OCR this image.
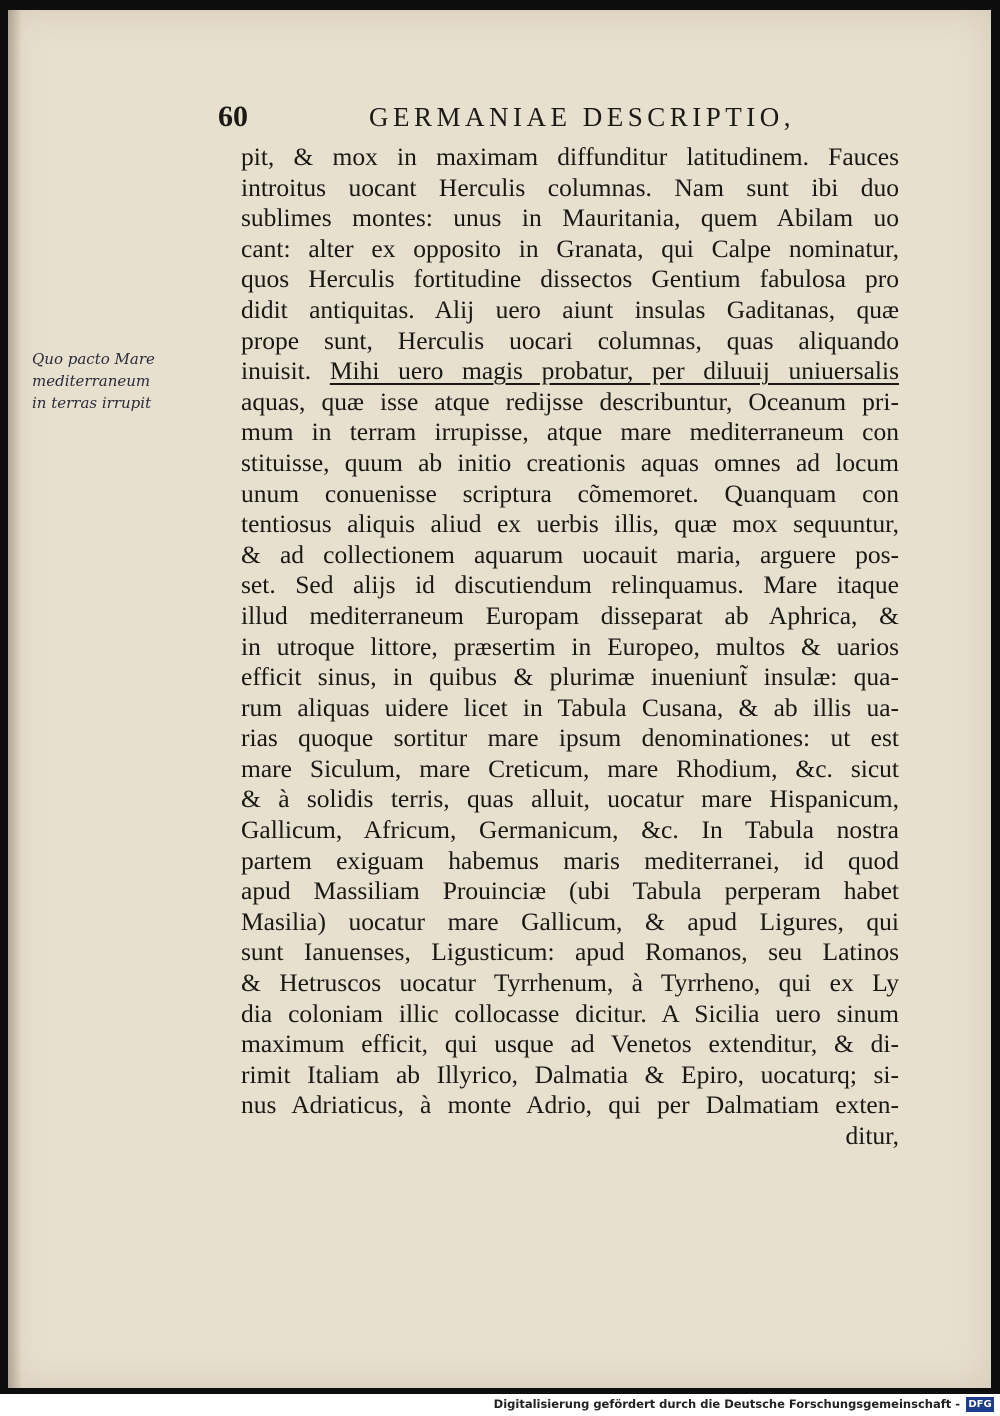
60	GERMANIAE DESCRIPTIO,
Quo pacto Mare
mediterraneum
in terras irrupit
pit, & mox in maximam diffunditur latitudinem. Fauces
introitus uocant Herculis columnas. Nam sunt ibi duo
sublimes montes: unus in Mauritania, quem Abilam uo
cant: alter ex opposito in Granata, qui Calpe nominatur,
quos Herculis fortitudine dissectos Gentium fabulosa pro
didit antiquitas. Alij uero aiunt insulas Gaditanas, quæ
prope sunt, Herculis uocari columnas, quas aliquando
inuisit. Mihi uero magis probatur, per diluuij uniuersalis
aquas, quæ isse atque redijsse describuntur, Oceanum pri-
mum in terram irrupisse, atque mare mediterraneum con
stituisse, quum ab initio creationis aquas omnes ad locum
unum conuenisse scriptura cõmemoret. Quanquam con
tentiosus aliquis aliud ex uerbis illis, quæ mox sequuntur,
& ad collectionem aquarum uocauit maria, arguere pos-
set. Sed alijs id discutiendum relinquamus. Mare itaque
illud mediterraneum Europam disseparat ab Aphrica, &
in utroque littore, præsertim in Europeo, multos & uarios
efficit sinus, in quibus & plurimæ inueniunt̃ insulæ: qua-
rum aliquas uidere licet in Tabula Cusana, & ab illis ua-
rias quoque sortitur mare ipsum denominationes: ut est
mare Siculum, mare Creticum, mare Rhodium, &c. sicut
& à solidis terris, quas alluit, uocatur mare Hispanicum,
Gallicum, Africum, Germanicum, &c. In Tabula nostra
partem exiguam habemus maris mediterranei, id quod
apud Massiliam Prouinciæ (ubi Tabula perperam habet
Masilia) uocatur mare Gallicum, & apud Ligures, qui
sunt Ianuenses, Ligusticum: apud Romanos, seu Latinos
& Hetruscos uocatur Tyrrhenum, à Tyrrheno, qui ex Ly
dia coloniam illic collocasse dicitur. A Sicilia uero sinum
maximum efficit, qui usque ad Venetos extenditur, & di-
rimit Italiam ab Illyrico, Dalmatia & Epiro, uocaturq; si-
nus Adriaticus, à monte Adrio, qui per Dalmatiam exten-
ditur,
Digitalisierung gefördert durch die Deutsche Forschungsgemeinschaft - DFG
